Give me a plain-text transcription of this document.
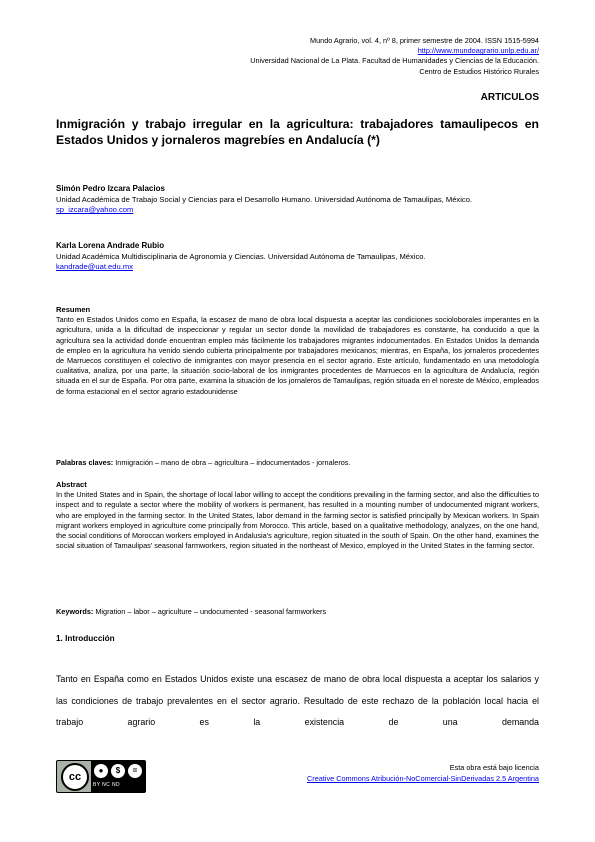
Mundo Agrario, vol. 4, nº 8, primer semestre de 2004. ISSN 1515-5994
http://www.mundoagrario.unlp.edu.ar/
Universidad Nacional de La Plata. Facultad de Humanidades y Ciencias de la Educación.
Centro de Estudios Histórico Rurales
ARTICULOS
Inmigración y trabajo irregular en la agricultura: trabajadores tamaulipecos en Estados Unidos y jornaleros magrebíes en Andalucía (*)
Simón Pedro Izcara Palacios
Unidad Académica de Trabajo Social y Ciencias para el Desarrollo Humano. Universidad Autónoma de Tamaulipas, México.
sp_izcara@yahoo.com
Karla Lorena Andrade Rubio
Unidad Académica Multidisciplinaria de Agronomía y Ciencias. Universidad Autónoma de Tamaulipas, México.
kandrade@uat.edu.mx
Resumen
Tanto en Estados Unidos como en España, la escasez de mano de obra local dispuesta a aceptar las condiciones socioloborales imperantes en la agricultura, unida a la dificultad de inspeccionar y regular un sector donde la movilidad de trabajadores es constante, ha conducido a que la agricultura sea la actividad donde encuentran empleo más fácilmente los trabajadores migrantes indocumentados. En Estados Unidos la demanda de empleo en la agricultura ha venido siendo cubierta principalmente por trabajadores mexicanos; mientras, en España, los jornaleros procedentes de Marruecos constituyen el colectivo de inmigrantes con mayor presencia en el sector agrario. Este artículo, fundamentado en una metodología cualitativa, analiza, por una parte, la situación socio-laboral de los inmigrantes procedentes de Marruecos en la agricultura de Andalucía, región situada en el sur de España. Por otra parte, examina la situación de los jornaleros de Tamaulipas, región situada en el noreste de México, empleados de forma estacional en el sector agrario estadounidense
Palabras claves: Inmigración – mano de obra – agricultura – indocumentados - jornaleros.
Abstract
In the United States and in Spain, the shortage of local labor willing to accept the conditions prevailing in the farming sector, and also the difficulties to inspect and to regulate a sector where the mobility of workers is permanent, has resulted in a mounting number of undocumented migrant workers, who are employed in the farming sector. In the United States, labor demand in the farming sector is satisfied principally by Mexican workers. In Spain migrant workers employed in agriculture come principally from Morocco. This article, based on a qualitative methodology, analyzes, on the one hand, the social conditions of Moroccan workers employed in Andalusia's agriculture, region situated in the south of Spain. On the other hand, examines the social situation of Tamaulipas' seasonal farmworkers, region situated in the northeast of Mexico, employed in the United States in the farming sector.
Keywords: Migration – labor – agriculture – undocumented - seasonal farmworkers
1. Introducción
Tanto en España como en Estados Unidos existe una escasez de mano de obra local dispuesta a aceptar los salarios y las condiciones de trabajo prevalentes en el sector agrario. Resultado de este rechazo de la población local hacia el trabajo agrario es la existencia de una demanda
cc
●	$	=
BY NC ND
Esta obra está bajo licencia
Creative Commons Atribución-NoComercial-SinDerivadas 2.5 Argentina
